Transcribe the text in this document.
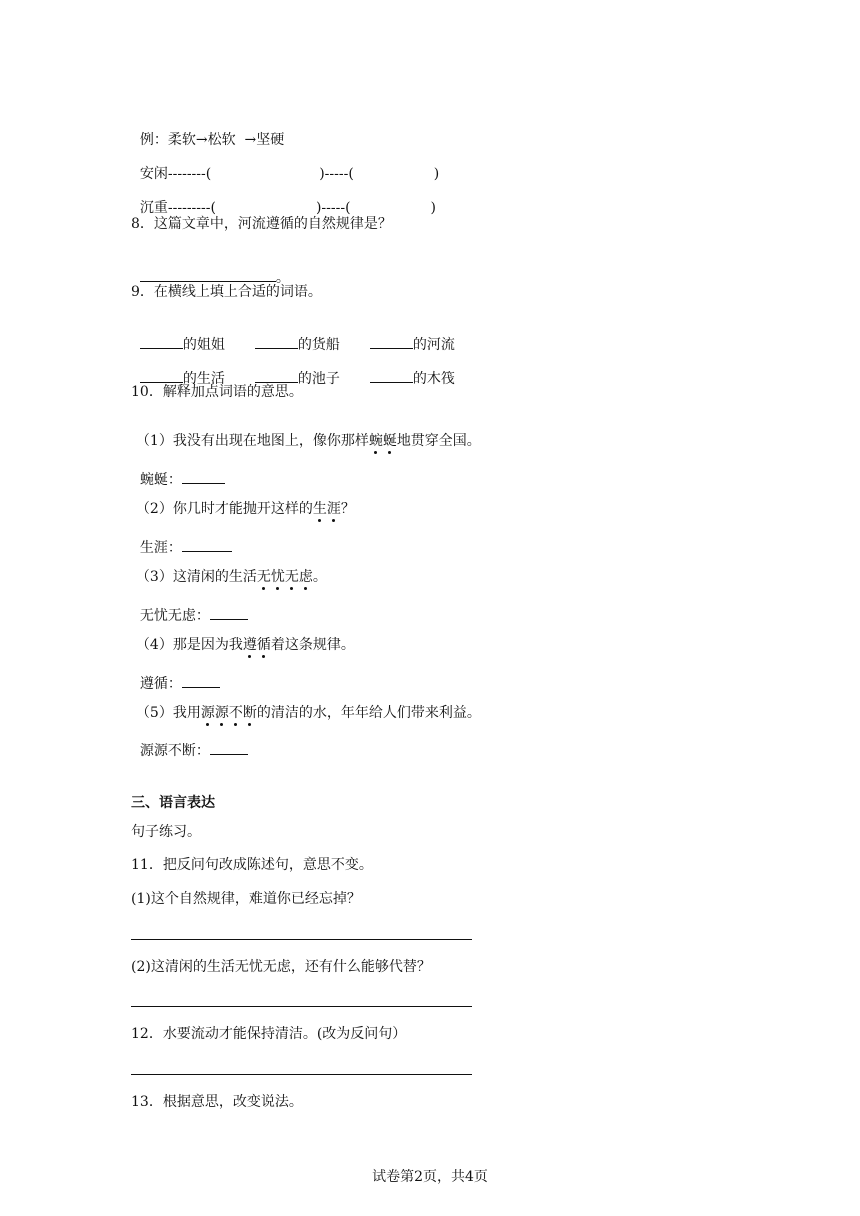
例：柔软→松软 →坚硬

安闲--------(	)-----(	)

沉重---------(	)-----(	)

8．这篇文章中，河流遵循的自然规律是？

。

9．在横线上填上合适的词语。

的姐姐	的货船	的河流

的生活	的池子	的木筏

10．解释加点词语的意思。

（1）我没有出现在地图上，像你那样蜿蜒地贯穿全国。

蜿蜒：

（2）你几时才能抛开这样的生涯？

生涯：

（3）这清闲的生活无忧无虑。

无忧无虑：

（4）那是因为我遵循着这条规律。

遵循：

（5）我用源源不断的清洁的水，年年给人们带来利益。

源源不断：

三、语言表达
句子练习。
11．把反问句改成陈述句，意思不变。
(1)这个自然规律，难道你已经忘掉？
(2)这清闲的生活无忧无虑，还有什么能够代替？
12．水要流动才能保持清洁。(改为反问句）
13．根据意思，改变说法。
试卷第2页，共4页
